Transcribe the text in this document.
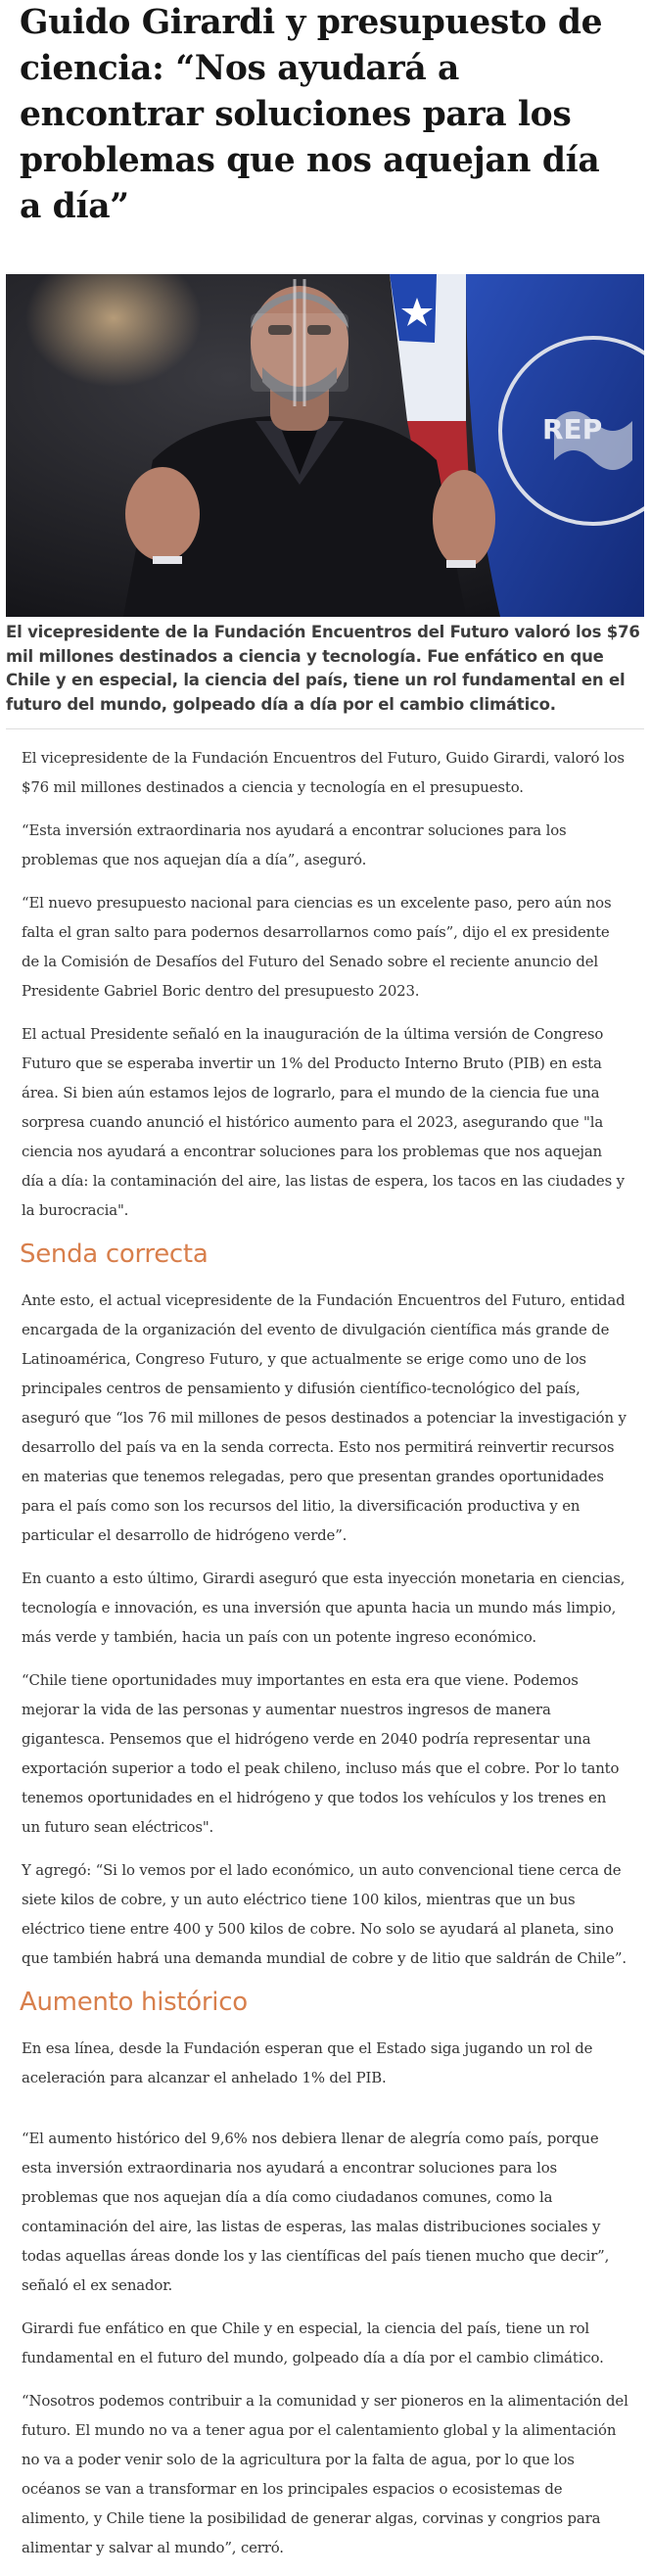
Guido Girardi y presupuesto de ciencia: “Nos ayudará a encontrar soluciones para los problemas que nos aquejan día a día”
REP
El vicepresidente de la Fundación Encuentros del Futuro valoró los $76 mil millones destinados a ciencia y tecnología. Fue enfático en que Chile y en especial, la ciencia del país, tiene un rol fundamental en el futuro del mundo, golpeado día a día por el cambio climático.

El vicepresidente de la Fundación Encuentros del Futuro, Guido Girardi, valoró los $76 mil millones destinados a ciencia y tecnología en el presupuesto.

“Esta inversión extraordinaria nos ayudará a encontrar soluciones para los problemas que nos aquejan día a día”, aseguró.

“El nuevo presupuesto nacional para ciencias es un excelente paso, pero aún nos falta el gran salto para podernos desarrollarnos como país”, dijo el ex presidente de la Comisión de Desafíos del Futuro del Senado sobre el reciente anuncio del Presidente Gabriel Boric dentro del presupuesto 2023.

El actual Presidente señaló en la inauguración de la última versión de Congreso Futuro que se esperaba invertir un 1% del Producto Interno Bruto (PIB) en esta área. Si bien aún estamos lejos de lograrlo, para el mundo de la ciencia fue una sorpresa cuando anunció el histórico aumento para el 2023, asegurando que "la ciencia nos ayudará a encontrar soluciones para los problemas que nos aquejan día a día: la contaminación del aire, las listas de espera, los tacos en las ciudades y la burocracia".

Senda correcta

Ante esto, el actual vicepresidente de la Fundación Encuentros del Futuro, entidad encargada de la organización del evento de divulgación científica más grande de Latinoamérica, Congreso Futuro, y que actualmente se erige como uno de los principales centros de pensamiento y difusión científico-tecnológico del país, aseguró que “los 76 mil millones de pesos destinados a potenciar la investigación y desarrollo del país va en la senda correcta. Esto nos permitirá reinvertir recursos en materias que tenemos relegadas, pero que presentan grandes oportunidades para el país como son los recursos del litio, la diversificación productiva y en particular el desarrollo de hidrógeno verde”.

En cuanto a esto último, Girardi aseguró que esta inyección monetaria en ciencias, tecnología e innovación, es una inversión que apunta hacia un mundo más limpio, más verde y también, hacia un país con un potente ingreso económico.

“Chile tiene oportunidades muy importantes en esta era que viene. Podemos mejorar la vida de las personas y aumentar nuestros ingresos de manera gigantesca. Pensemos que el hidrógeno verde en 2040 podría representar una exportación superior a todo el peak chileno, incluso más que el cobre. Por lo tanto tenemos oportunidades en el hidrógeno y que todos los vehículos y los trenes en un futuro sean eléctricos".

Y agregó: “Si lo vemos por el lado económico, un auto convencional tiene cerca de siete kilos de cobre, y un auto eléctrico tiene 100 kilos, mientras que un bus eléctrico tiene entre 400 y 500 kilos de cobre. No solo se ayudará al planeta, sino que también habrá una demanda mundial de cobre y de litio que saldrán de Chile”.

Aumento histórico

En esa línea, desde la Fundación esperan que el Estado siga jugando un rol de aceleración para alcanzar el anhelado 1% del PIB.

“El aumento histórico del 9,6% nos debiera llenar de alegría como país, porque esta inversión extraordinaria nos ayudará a encontrar soluciones para los problemas que nos aquejan día a día como ciudadanos comunes, como la contaminación del aire, las listas de esperas, las malas distribuciones sociales y todas aquellas áreas donde los y las científicas del país tienen mucho que decir”, señaló el ex senador.

Girardi fue enfático en que Chile y en especial, la ciencia del país, tiene un rol fundamental en el futuro del mundo, golpeado día a día por el cambio climático.

“Nosotros podemos contribuir a la comunidad y ser pioneros en la alimentación del futuro. El mundo no va a tener agua por el calentamiento global y la alimentación no va a poder venir solo de la agricultura por la falta de agua, por lo que los océanos se van a transformar en los principales espacios o ecosistemas de alimento, y Chile tiene la posibilidad de generar algas, corvinas y congrios para alimentar y salvar al mundo”, cerró.
